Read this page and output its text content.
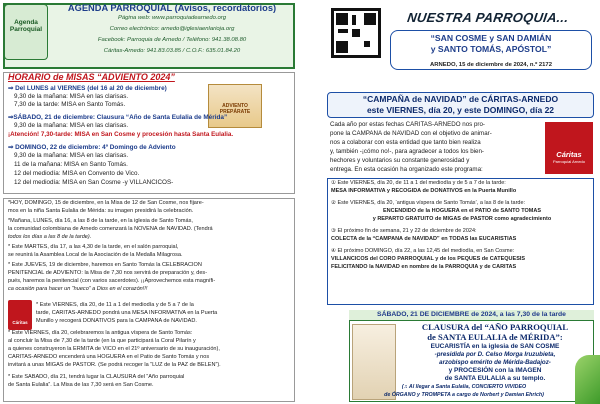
Agenda
Parroquial
AGENDA PARROQUIAL (Avisos, recordatorios)
Página web: www.parroquiadearnedo.org
Correo electrónico: arnedo@iglesiaenlarioja.org
Facebook: Parroquia de Arnedo / Teléfono: 941.38.08.80
Cáritas-Arnedo: 941.83.03.85 / C.O.F.: 635.01.84.20
NUESTRA PARROQUIA...
“SAN COSME y SAN DAMIÁN
y SANTO TOMÁS, APÓSTOL”
ARNEDO, 15 de diciembre de 2024, n.º 2172
HORARIO de MISAS “ADVIENTO 2024”
ADVIENTO
PREPÁRATE
⇒ Del LUNES al VIERNES (del 16 al 20 de diciembre)
9,30 de la mañana: MISA en las clarisas.
7,30 de la tarde: MISA en Santo Tomás.
⇒SÁBADO, 21 de diciembre: Clausura “Año de Santa Eulalia de Mérida”
9,30 de la mañana: MISA en las clarisas.
¡Atención! 7,30-tarde: MISA en San Cosme y procesión hasta Santa Eulalia.
⇒ DOMINGO, 22 de diciembre: 4º Domingo de Adviento
9,30 de la mañana: MISA en las clarisas.
11 de la mañana: MISA en Santo Tomás.
12 del mediodía: MISA en Convento de Vico.
12 del mediodía: MISA en San Cosme -y VILLANCICOS-
*HOY, DOMINGO, 15 de diciembre, en la Misa de 12 de San Cosme, nos fijare-
mos en la niña Santa Eulalia de Mérida: su imagen presidirá la celebración.
*Mañana, LUNES, día 16, a las 8 de la tarde, en la iglesia de Santo Tomás,
la comunidad colombiana de Arnedo comenzará la NOVENA de NAVIDAD. (Tendrá
todos los días a las 8 de la tarde).
* Este MARTES, día 17, a las 4,30 de la tarde, en el salón parroquial,
se reunirá la Asamblea Local de la Asociación de la Medalla Milagrosa.
* Este JUEVES, 19 de diciembre, haremos en Santo Tomás la CELEBRACIÓN
PENITENCIAL de ADVIENTO: la Misa de 7,30 nos servirá de preparación y, des-
pués, haremos la penitencial (con varios sacerdotes). ¡¡Aprovechemos esta magnífi-
ca ocasión para hacer un “hueco” a Dios en el corazón!!!
Cáritas
* Este VIERNES, día 20, de 11 a 1 del mediodía y de 5 a 7 de la
tarde, CÁRITAS-ARNEDO pondrá una MESA INFORMATIVA en la Puerta
Munillo y recogerá DONATIVOS para la CAMPAÑA de NAVIDAD.
* Este VIERNES, día 20, celebraremos la antigua víspera de Santo Tomás:
al concluir la Misa de 7,30 de la tarde (en la que participará la Coral Pilarín y
a quienes construyeron la ERMITA de VICO en el 21º aniversario de su inauguración),
CÁRITAS-ARNEDO encenderá una HOGUERA en el Patio de Santo Tomás y nos
invitará a unas MIGAS de PASTOR. (Se podrá recoger la “LUZ de la PAZ de BELÉN”).
* Este SÁBADO, día 21, tendrá lugar la CLAUSURA del “Año parroquial
de Santa Eulalia”. La Misa de las 7,30 será en San Cosme.
“CAMPAÑA de NAVIDAD” de CÁRITAS-ARNEDO
este VIERNES, día 20, y este DOMINGO, día 22
Cada año por estas fechas CÁRITAS-ARNEDO nos pro-
pone la CAMPAÑA de NAVIDAD con el objetivo de animar-
nos a colaborar con esta entidad que tanto bien realiza
y, también -¡cómo no!-, para agradecer a todos los bien-
hechores y voluntarios su constante generosidad y
entrega. En esta ocasión ha organizado este programa:
Cáritas
Parroquial Arnedo
① Este VIERNES, día 20, de 11 a 1 del mediodía y de 5 a 7 de la tarde:
MESA INFORMATIVA y RECOGIDA de DONATIVOS en la Puerta Munillo
② Este VIERNES, día 20, ‘antigua víspera de Santo Tomás’, a las 8 de la tarde:
ENCENDIDO de la HOGUERA en el PATIO de SANTO TOMÁS
y REPARTO GRATUITO de MIGAS de PASTOR como agradecimiento
③ El próximo fin de semana, 21 y 22 de diciembre de 2024:
COLECTA de la “CAMPAÑA de NAVIDAD” en TODAS las EUCARISTÍAS
④ El próximo DOMINGO, día 22, a las 12,45 del mediodía, en San Cosme:
VILLANCICOS del CORO PARROQUIAL y de los PEQUES de CATEQUESIS
FELICITANDO la NAVIDAD en nombre de la PARROQUIA y de CÁRITAS
SÁBADO, 21 DE DICIEMBRE de 2024, a las 7,30 de la tarde
CLAUSURA del “AÑO PARROQUIAL
de SANTA EULALIA de MÉRIDA”:
EUCARISTÍA en la iglesia de SAN COSME
-presidida por D. Celso Morga Iruzubieta,
arzobispo emérito de Mérida-Badajoz-
y PROCESIÓN con la IMAGEN
de SANTA EULALIA a su templo.
(♫ Al llegar a Santa Eulalia, CONCIERTO VIVIDEO
de ÓRGANO y TROMPETA a cargo de Norbert y Damian Ehrich)
